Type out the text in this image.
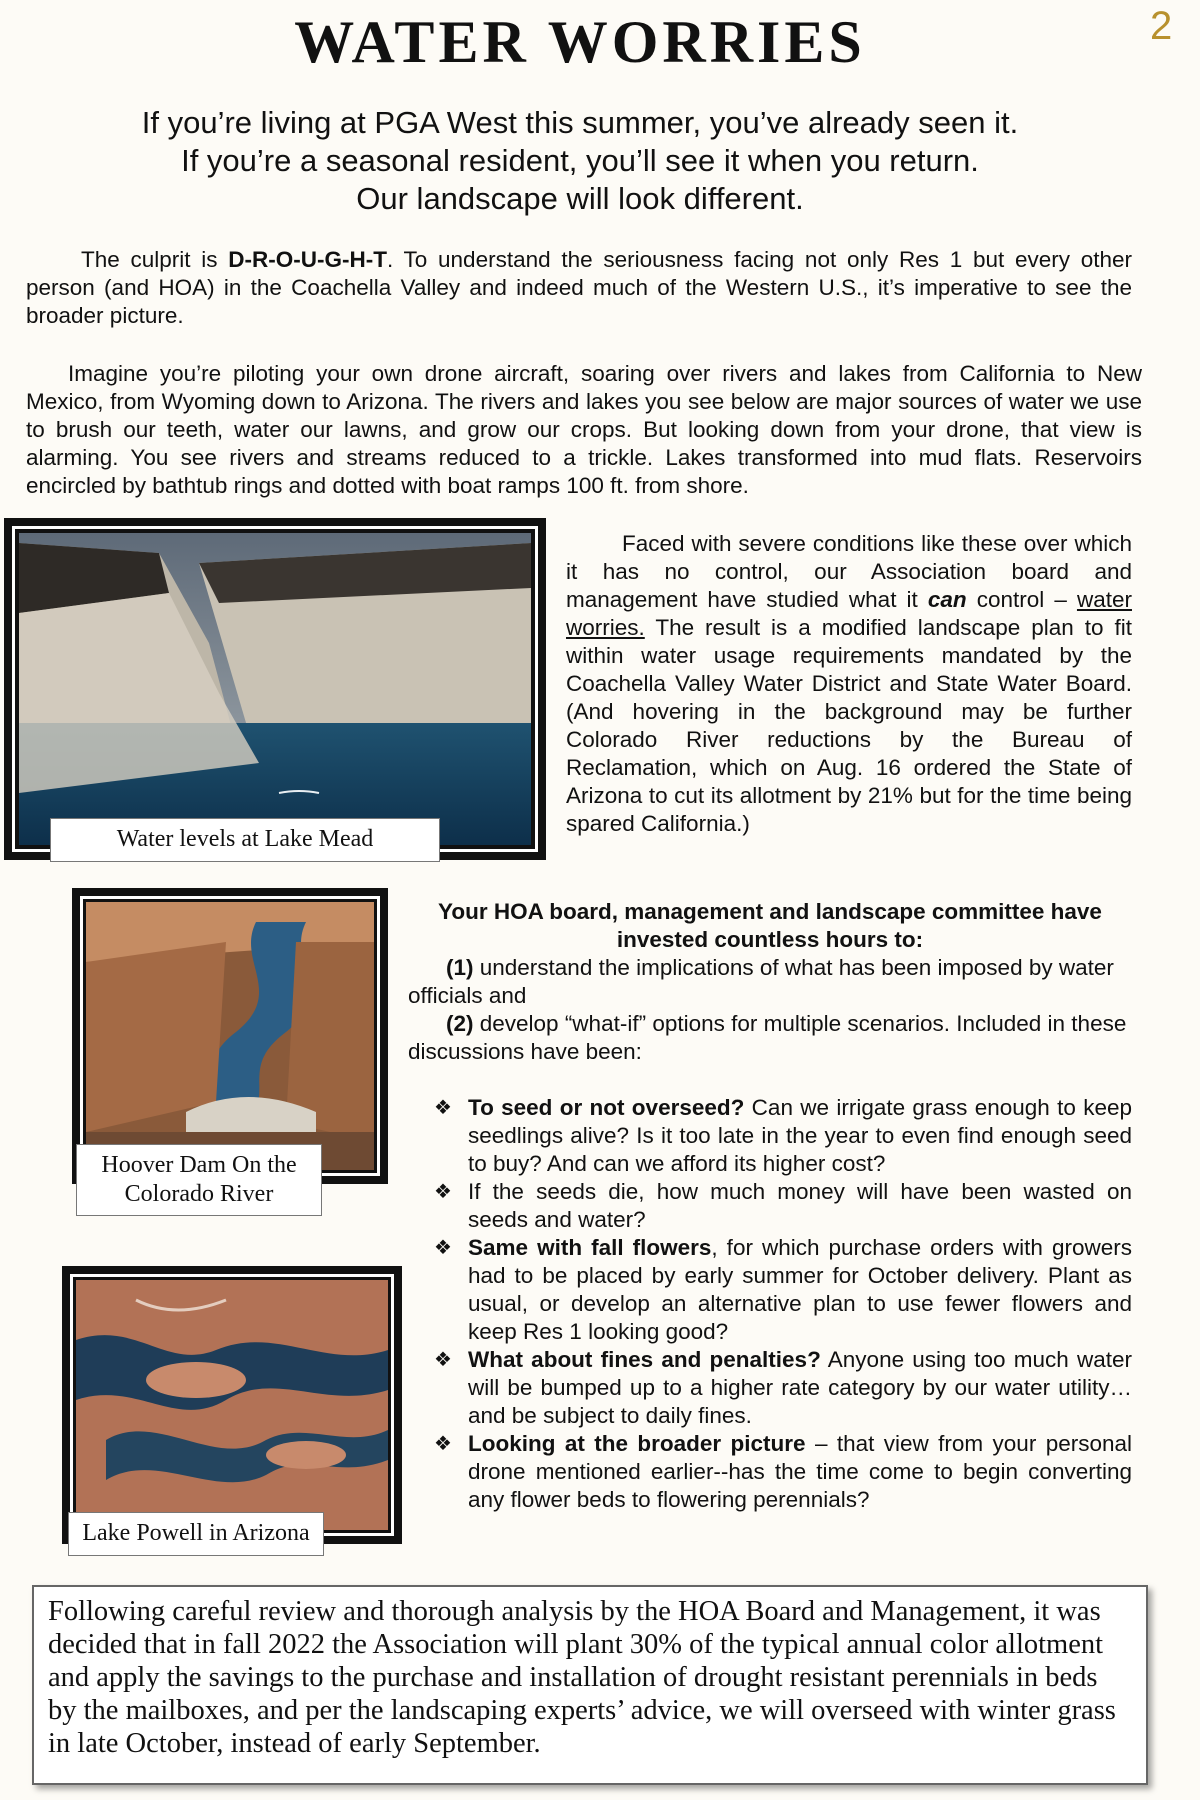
WATER WORRIES	2
If you’re living at PGA West this summer, you’ve already seen it.
If you’re a seasonal resident, you’ll see it when you return.
Our landscape will look different.
The culprit is D-R-O-U-G-H-T. To understand the seriousness facing not only Res 1 but every other person (and HOA) in the Coachella Valley and indeed much of the Western U.S., it’s imperative to see the broader picture.
Imagine you’re piloting your own drone aircraft, soaring over rivers and lakes from California to New Mexico, from Wyoming down to Arizona. The rivers and lakes you see below are major sources of water we use to brush our teeth, water our lawns, and grow our crops. But looking down from your drone, that view is alarming. You see rivers and streams reduced to a trickle. Lakes transformed into mud flats. Reservoirs encircled by bathtub rings and dotted with boat ramps 100 ft. from shore.
Water levels at Lake Mead
Faced with severe conditions like these over which it has no control, our Association board and management have studied what it can control – water worries. The result is a modified landscape plan to fit within water usage requirements mandated by the Coachella Valley Water District and State Water Board. (And hovering in the background may be further Colorado River reductions by the Bureau of Reclamation, which on Aug. 16 ordered the State of Arizona to cut its allotment by 21% but for the time being spared California.)
Hoover Dam On the Colorado River
Your HOA board, management and landscape committee have invested countless hours to:
(1) understand the implications of what has been imposed by water officials and
(2) develop “what-if” options for multiple scenarios. Included in these discussions have been:
❖ To seed or not overseed? Can we irrigate grass enough to keep seedlings alive? Is it too late in the year to even find enough seed to buy? And can we afford its higher cost?
❖ If the seeds die, how much money will have been wasted on seeds and water?
❖ Same with fall flowers, for which purchase orders with growers had to be placed by early summer for October delivery. Plant as usual, or develop an alternative plan to use fewer flowers and keep Res 1 looking good?
❖ What about fines and penalties? Anyone using too much water will be bumped up to a higher rate category by our water utility…and be subject to daily fines.
❖ Looking at the broader picture – that view from your personal drone mentioned earlier--has the time come to begin converting any flower beds to flowering perennials?
Lake Powell in Arizona
Following careful review and thorough analysis by the HOA Board and Management, it was decided that in fall 2022 the Association will plant 30% of the typical annual color allotment and apply the savings to the purchase and installation of drought resistant perennials in beds by the mailboxes, and per the landscaping experts’ advice, we will overseed with winter grass in late October, instead of early September.
